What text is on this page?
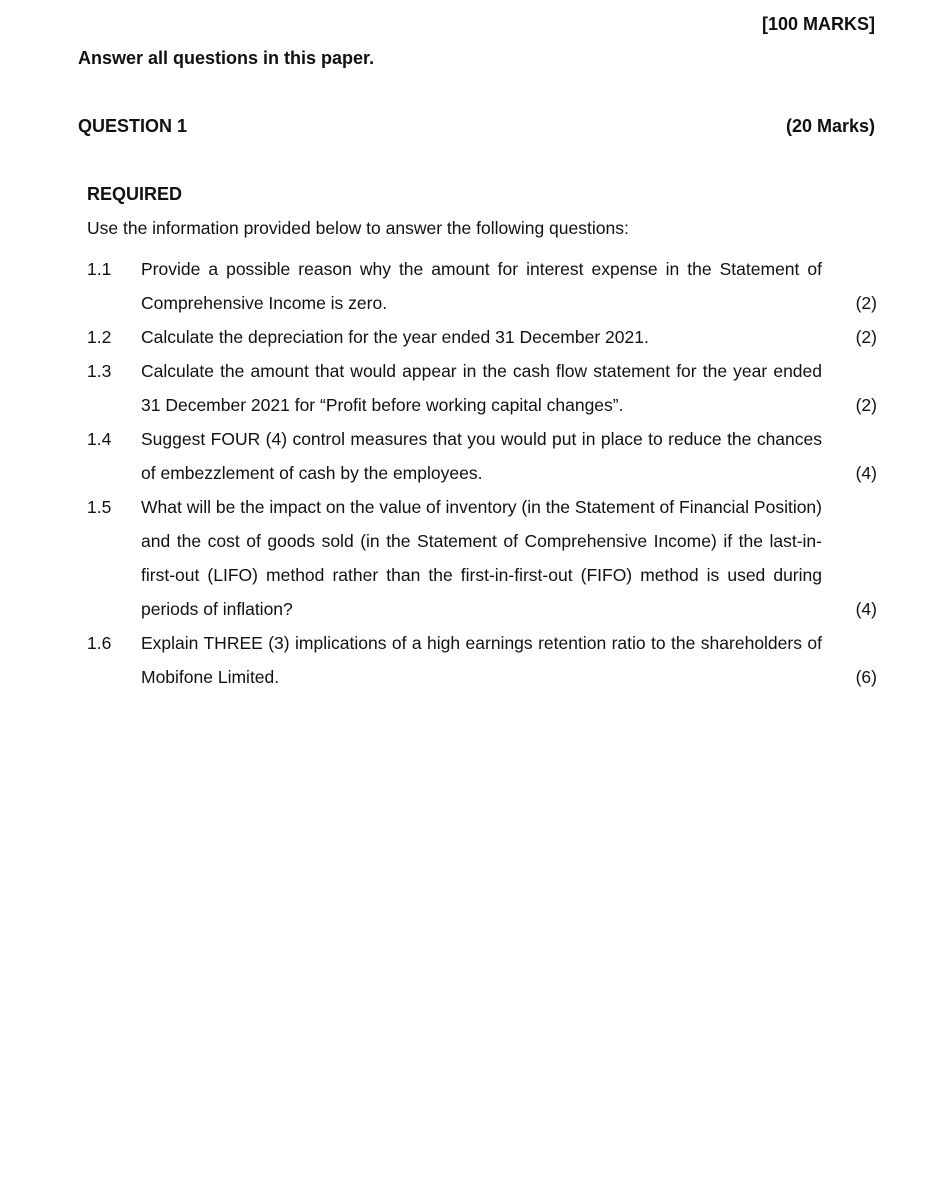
[100 MARKS]
Answer all questions in this paper.
QUESTION 1	(20 Marks)
REQUIRED
Use the information provided below to answer the following questions:
1.1	Provide a possible reason why the amount for interest expense in the Statement of Comprehensive Income is zero.	(2)
1.2	Calculate the depreciation for the year ended 31 December 2021.	(2)
1.3	Calculate the amount that would appear in the cash flow statement for the year ended 31 December 2021 for “Profit before working capital changes”.	(2)
1.4	Suggest FOUR (4) control measures that you would put in place to reduce the chances of embezzlement of cash by the employees.	(4)
1.5	What will be the impact on the value of inventory (in the Statement of Financial Position) and the cost of goods sold (in the Statement of Comprehensive Income) if the last-in-first-out (LIFO) method rather than the first-in-first-out (FIFO) method is used during periods of inflation?	(4)
1.6	Explain THREE (3) implications of a high earnings retention ratio to the shareholders of Mobifone Limited.	(6)
